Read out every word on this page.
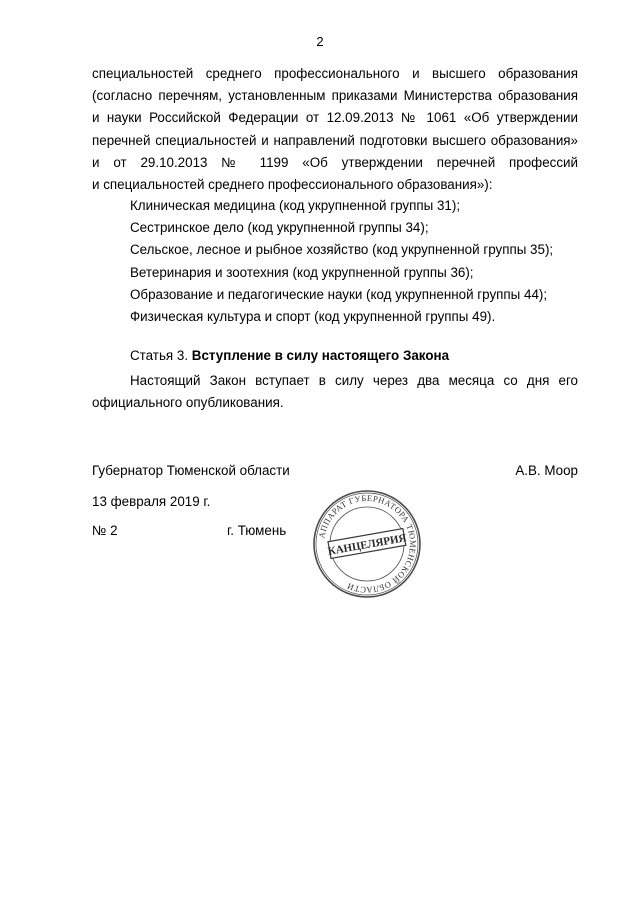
2
специальностей среднего профессионального и высшего образования
(согласно перечням, установленным приказами Министерства образования
и науки Российской Федерации от 12.09.2013 № 1061 «Об утверждении
перечней специальностей и направлений подготовки высшего образования»
и от 29.10.2013 № 1199 «Об утверждении перечней профессий
и специальностей среднего профессионального образования»):
Клиническая медицина (код укрупненной группы 31);
Сестринское дело (код укрупненной группы 34);
Сельское, лесное и рыбное хозяйство (код укрупненной группы 35);
Ветеринария и зоотехния (код укрупненной группы 36);
Образование и педагогические науки (код укрупненной группы 44);
Физическая культура и спорт (код укрупненной группы 49).

Статья 3. Вступление в силу настоящего Закона

Настоящий Закон вступает в силу через два месяца со дня его
официального опубликования.
Губернатор Тюменской области	А.В. Моор
13 февраля 2019 г.
№ 2	г. Тюмень	АППАРАТ ГУБЕРНАТОРА ТЮМЕНСКОЙ ОБЛАСТИ
КАНЦЕЛЯРИЯ
